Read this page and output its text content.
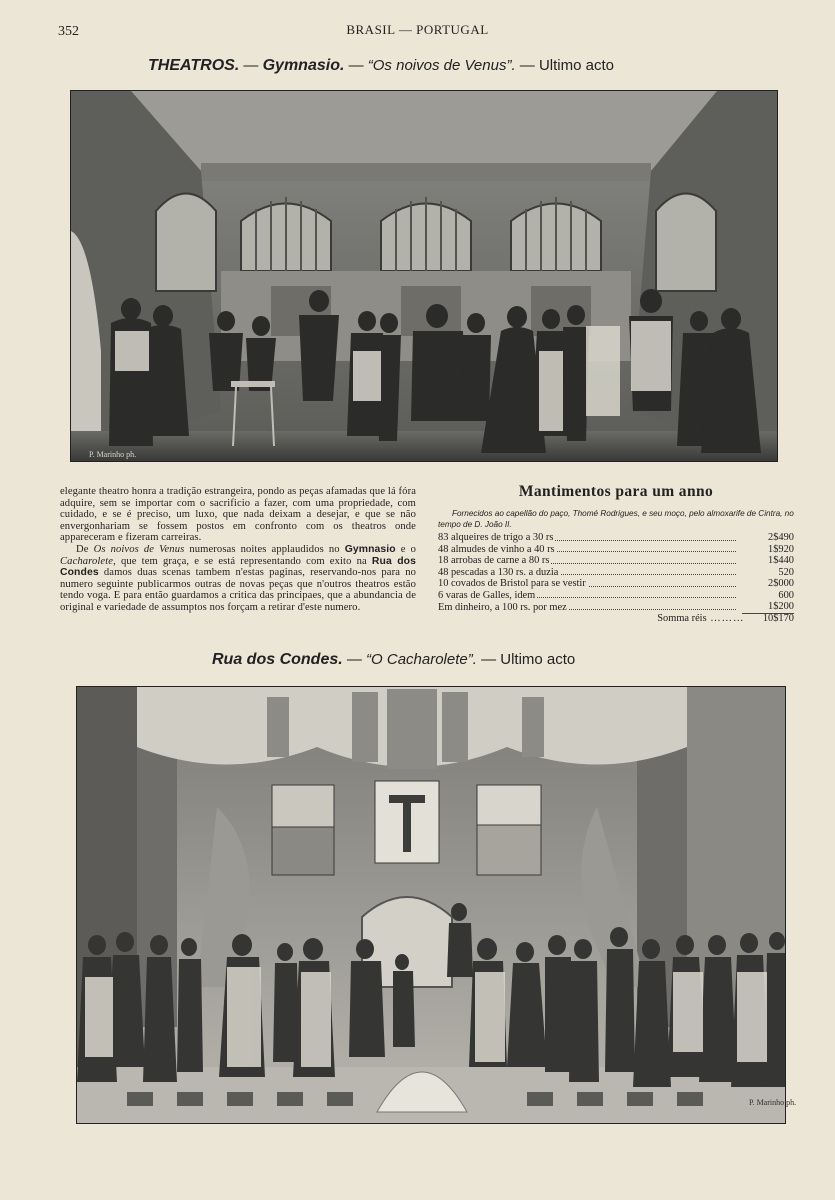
352	BRASIL — PORTUGAL
THEATROS. — Gymnasio. — “Os noivos de Venus”. — Ultimo acto
P. Marinho ph.

elegante theatro honra a tradição estrangeira, pondo as peças afamadas que lá fóra adquire, sem se importar com o sacrificio a fazer, com uma propriedade, com cuidado, e se é preciso, um luxo, que nada deixam a desejar, e que se não envergonhariam se fossem postos em confronto com os theatros onde appareceram e fizeram carreiras.

De Os noivos de Venus numerosas noites applaudidos no Gymnasio e o Cacharolete, que tem graça, e se está representando com exito na Rua dos Condes damos duas scenas tambem n'estas paginas, reservando-nos para no numero seguinte publicarmos outras de novas peças que n'outros theatros estão tendo voga. E para então guardamos a critica das principaes, que a abundancia de original e variedade de assumptos nos forçam a retirar d'este numero.

Mantimentos para um anno
Fornecidos ao capellão do paço, Thomé Rodrigues, e seu moço, pelo almoxarife de Cintra, no tempo de D. João II.
83 alqueires de trigo a 30 rs	2$490
48 almudes de vinho a 40 rs	1$920
18 arrobas de carne a 80 rs	1$440
48 pescadas a 130 rs. a duzia	520
10 covados de Bristol para se vestir	2$000
6 varas de Galles, idem	600
Em dinheiro, a 100 rs. por mez	1$200
Somma réis ……… 10$170
Rua dos Condes. — “O Cacharolete”. — Ultimo acto
P. Marinho ph.
